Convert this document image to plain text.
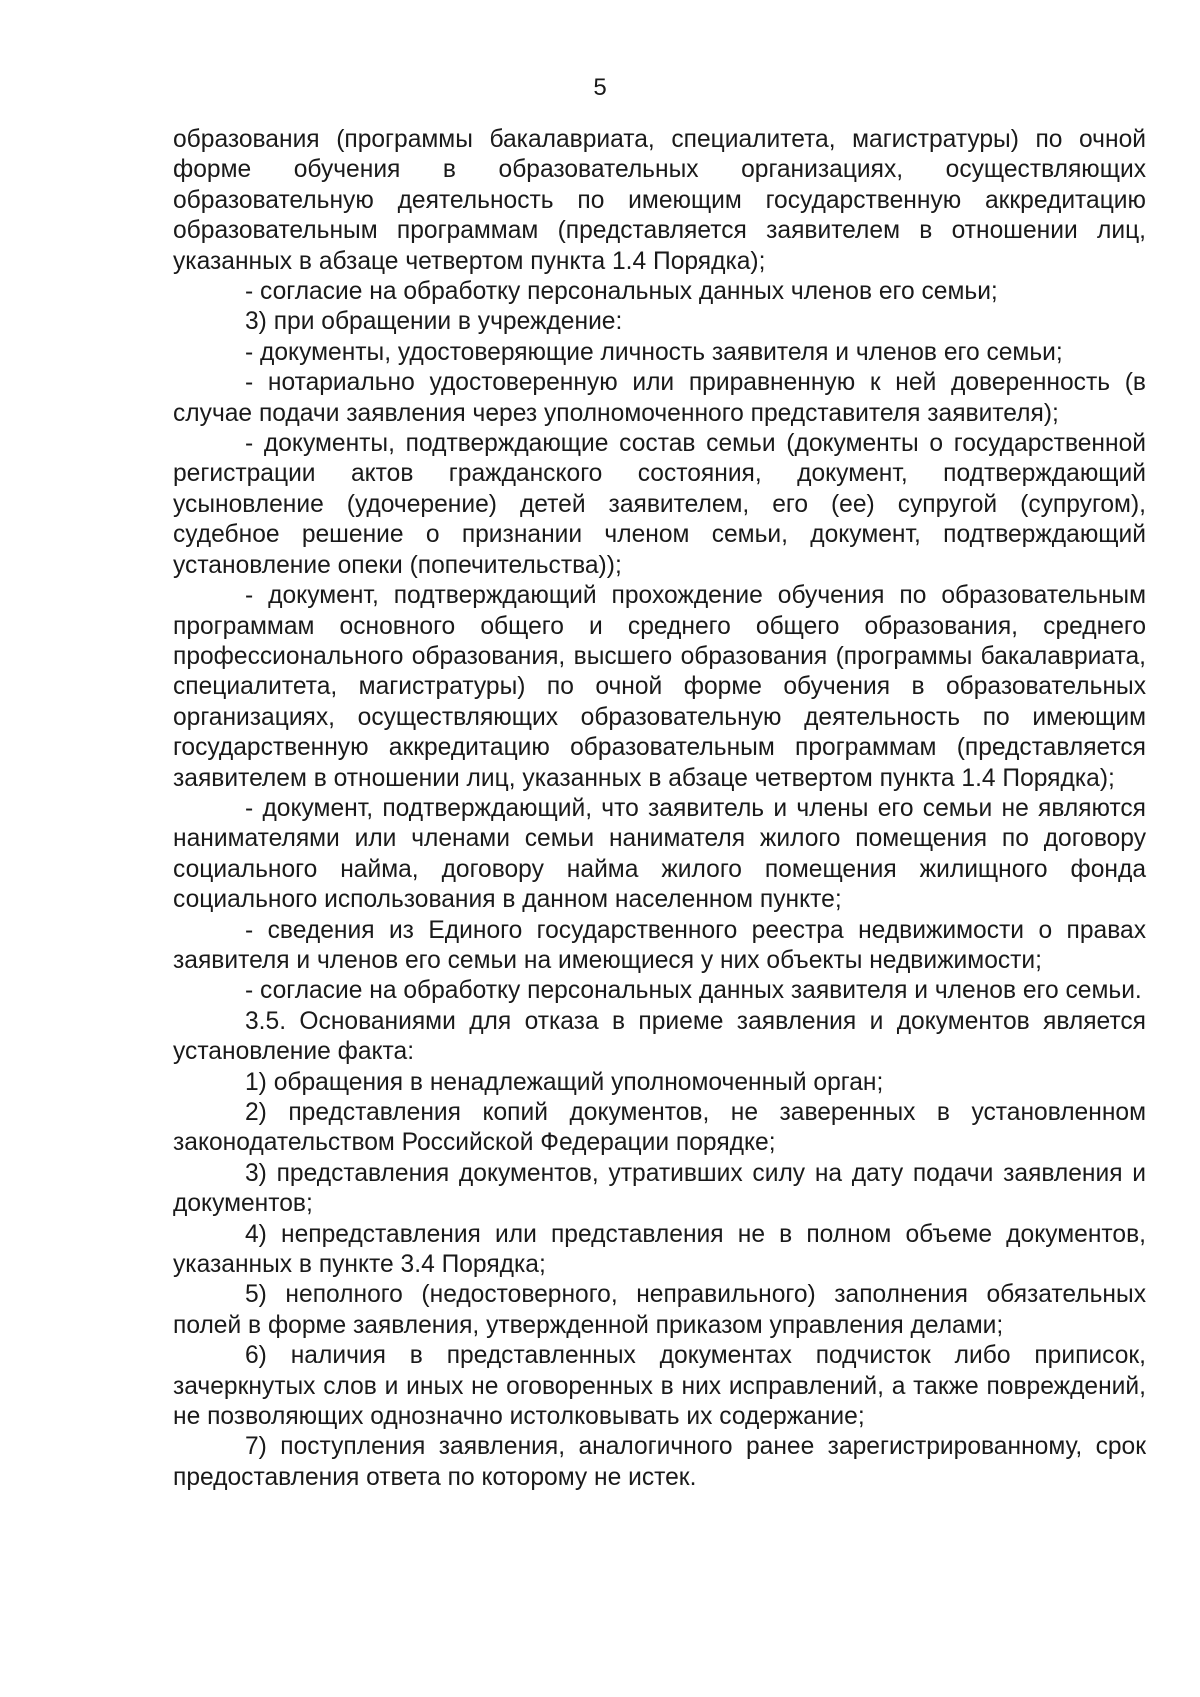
5

образования (программы бакалавриата, специалитета, магистратуры) по очной форме обучения в образовательных организациях, осуществляющих образовательную деятельность по имеющим государственную аккредитацию образовательным программам (представляется заявителем в отношении лиц, указанных в абзаце четвертом пункта 1.4 Порядка);

- согласие на обработку персональных данных членов его семьи;

3) при обращении в учреждение:

- документы, удостоверяющие личность заявителя и членов его семьи;

- нотариально удостоверенную или приравненную к ней доверенность (в случае подачи заявления через уполномоченного представителя заявителя);

- документы, подтверждающие состав семьи (документы о государственной регистрации актов гражданского состояния, документ, подтверждающий усыновление (удочерение) детей заявителем, его (ее) супругой (супругом), судебное решение о признании членом семьи, документ, подтверждающий установление опеки (попечительства));

- документ, подтверждающий прохождение обучения по образовательным программам основного общего и среднего общего образования, среднего профессионального образования, высшего образования (программы бакалавриата, специалитета, магистратуры) по очной форме обучения в образовательных организациях, осуществляющих образовательную деятельность по имеющим государственную аккредитацию образовательным программам (представляется заявителем в отношении лиц, указанных в абзаце четвертом пункта 1.4 Порядка);

- документ, подтверждающий, что заявитель и члены его семьи не являются нанимателями или членами семьи нанимателя жилого помещения по договору социального найма, договору найма жилого помещения жилищного фонда социального использования в данном населенном пункте;

- сведения из Единого государственного реестра недвижимости о правах заявителя и членов его семьи на имеющиеся у них объекты недвижимости;

- согласие на обработку персональных данных заявителя и членов его семьи.

3.5. Основаниями для отказа в приеме заявления и документов является установление факта:

1) обращения в ненадлежащий уполномоченный орган;

2) представления копий документов, не заверенных в установленном законодательством Российской Федерации порядке;

3) представления документов, утративших силу на дату подачи заявления и документов;

4) непредставления или представления не в полном объеме документов, указанных в пункте 3.4 Порядка;

5) неполного (недостоверного, неправильного) заполнения обязательных полей в форме заявления, утвержденной приказом управления делами;

6) наличия в представленных документах подчисток либо приписок, зачеркнутых слов и иных не оговоренных в них исправлений, а также повреждений, не позволяющих однозначно истолковывать их содержание;

7) поступления заявления, аналогичного ранее зарегистрированному, срок предоставления ответа по которому не истек.
